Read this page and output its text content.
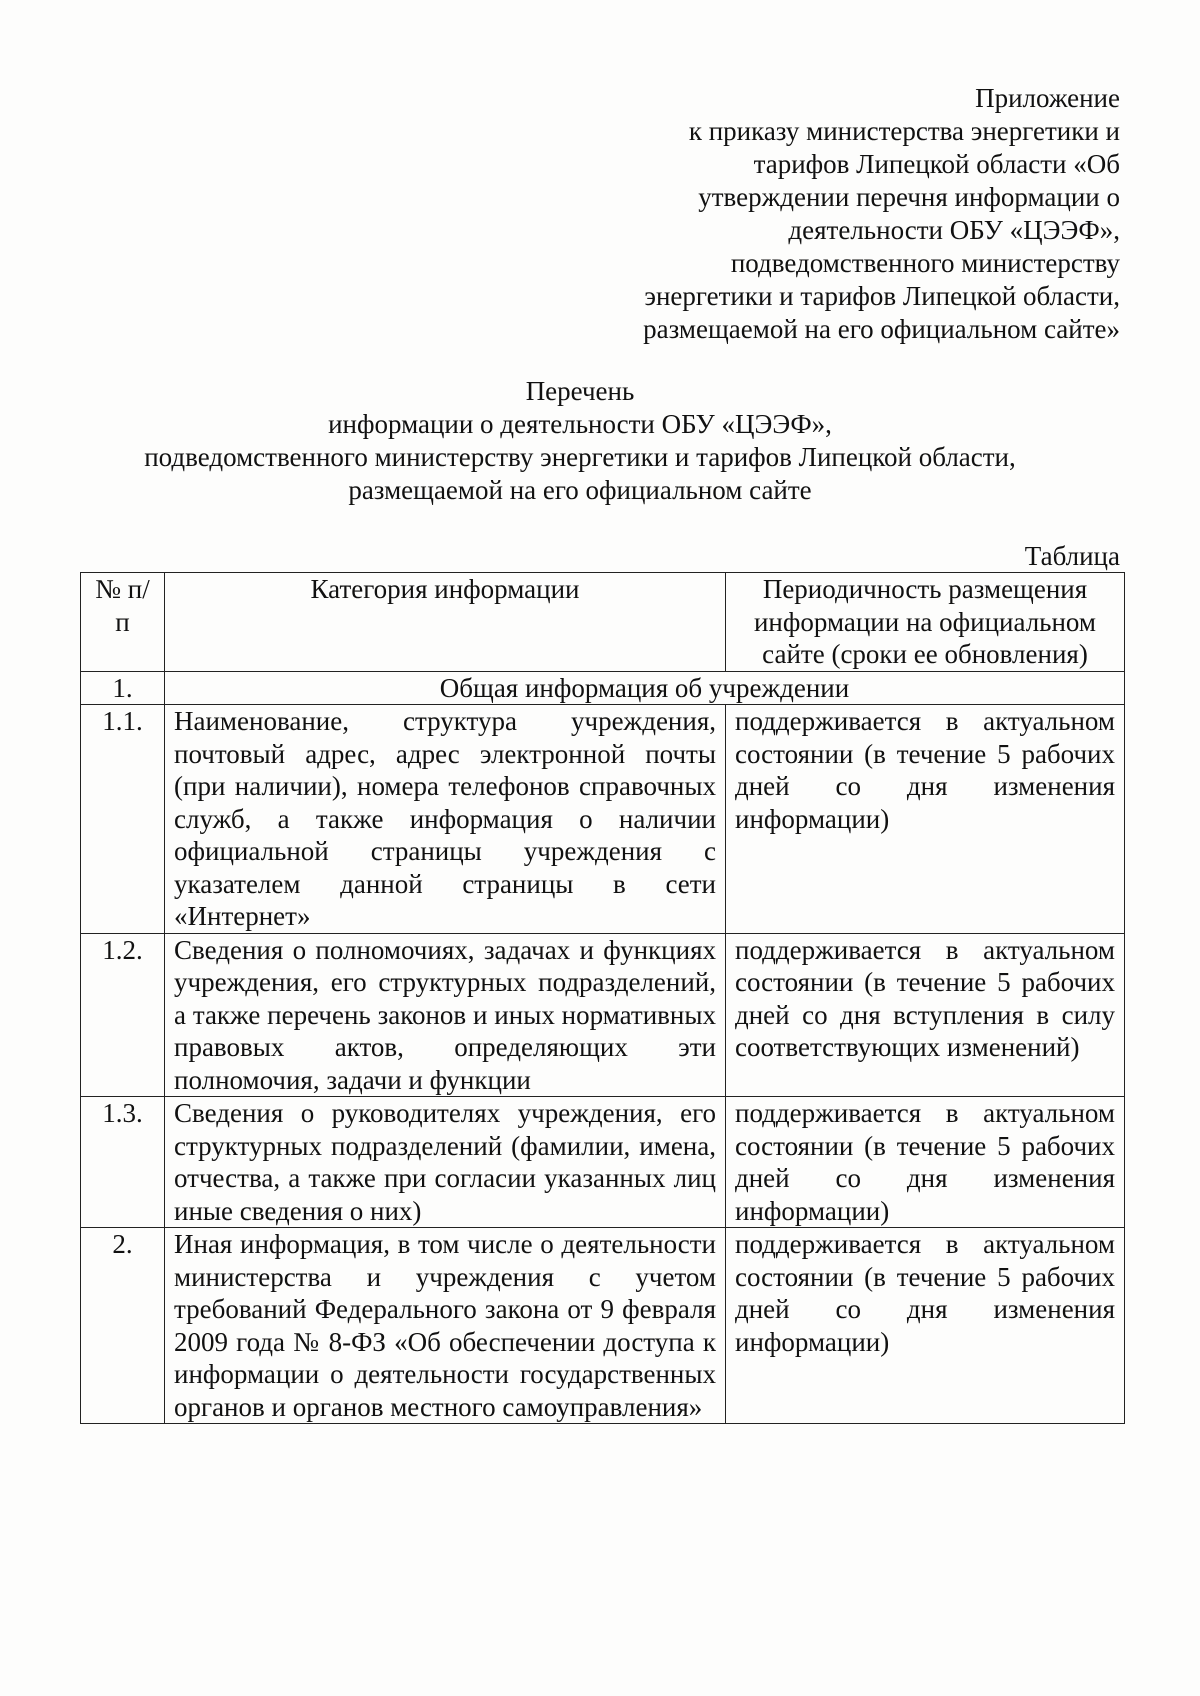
Приложение
к приказу министерства энергетики и
тарифов Липецкой области «Об
утверждении перечня информации о
деятельности ОБУ «ЦЭЭФ»,
подведомственного министерству
энергетики и тарифов Липецкой области,
размещаемой на его официальном сайте»
Перечень
информации о деятельности ОБУ «ЦЭЭФ»,
подведомственного министерству энергетики и тарифов Липецкой области,
размещаемой на его официальном сайте
Таблица
№ п/п	Категория информации	Периодичность размещения информации на официальном сайте (сроки ее обновления)
1.	Общая информация об учреждении	
1.1.	Наименование, структура учреждения, почтовый адрес, адрес электронной почты (при наличии), номера телефонов справочных служб, а также информация о наличии официальной страницы учреждения с указателем данной страницы в сети «Интернет»	поддерживается в актуальном состоянии (в течение 5 рабочих дней со дня изменения информации)
1.2.	Сведения о полномочиях, задачах и функциях учреждения, его структурных подразделений, а также перечень законов и иных нормативных правовых актов, определяющих эти полномочия, задачи и функции	поддерживается в актуальном состоянии (в течение 5 рабочих дней со дня вступления в силу соответствующих изменений)
1.3.	Сведения о руководителях учреждения, его структурных подразделений (фамилии, имена, отчества, а также при согласии указанных лиц иные сведения о них)	поддерживается в актуальном состоянии (в течение 5 рабочих дней со дня изменения информации)
2.	Иная информация, в том числе о деятельности министерства и учреждения с учетом требований Федерального закона от 9 февраля 2009 года № 8-ФЗ «Об обеспечении доступа к информации о деятельности государственных органов и органов местного самоуправления»	поддерживается в актуальном состоянии (в течение 5 рабочих дней со дня изменения информации)
